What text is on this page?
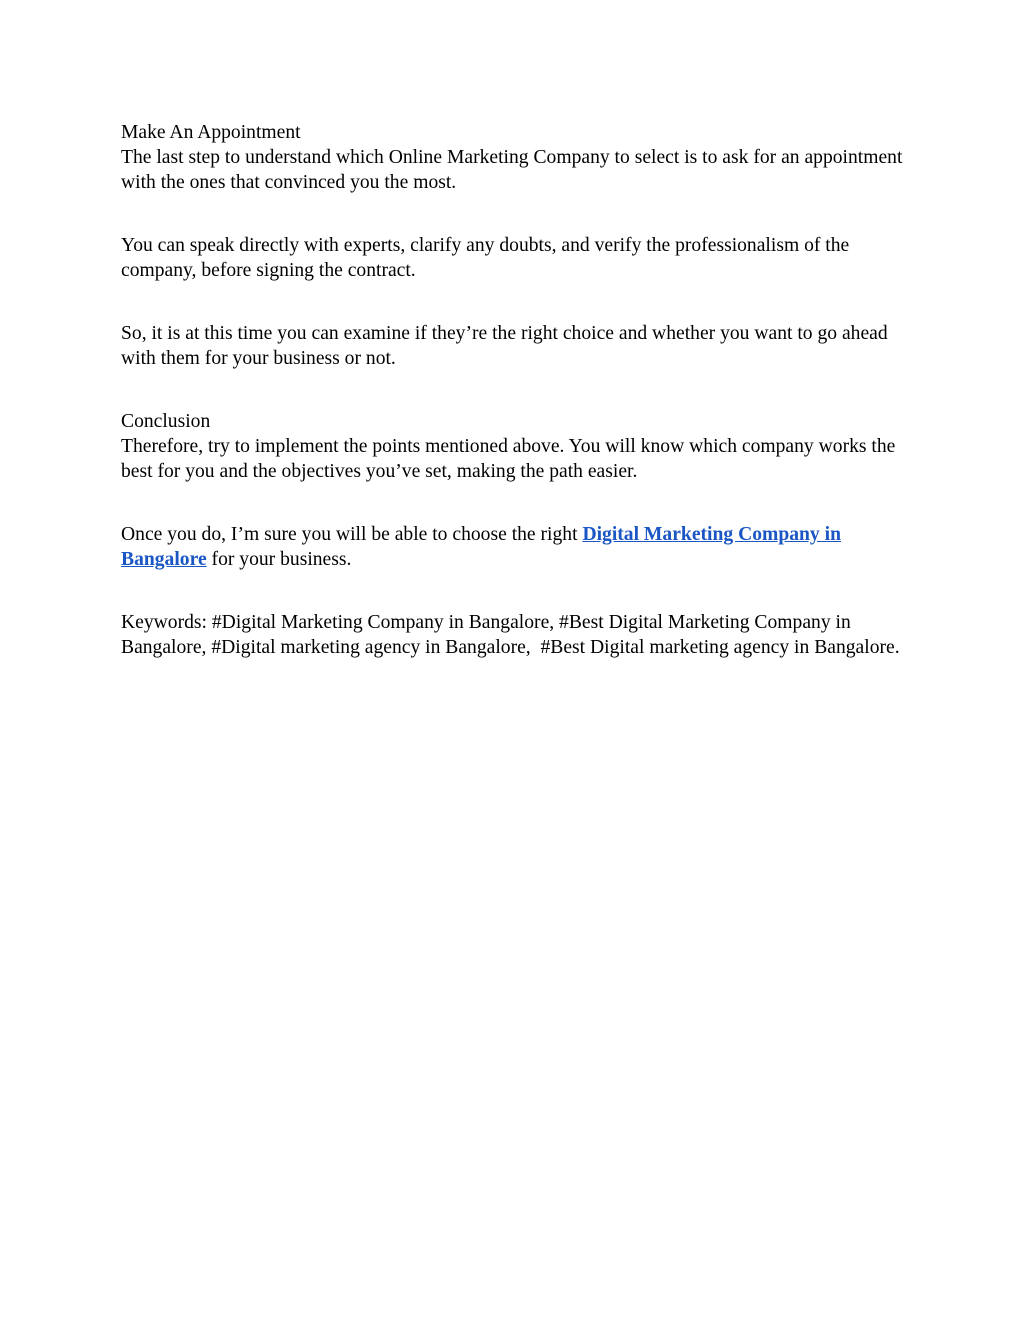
Make An Appointment
The last step to understand which Online Marketing Company to select is to ask for an appointment with the ones that convinced you the most.

You can speak directly with experts, clarify any doubts, and verify the professionalism of the company, before signing the contract.

So, it is at this time you can examine if they’re the right choice and whether you want to go ahead with them for your business or not.

Conclusion
Therefore, try to implement the points mentioned above. You will know which company works the best for you and the objectives you’ve set, making the path easier.

Once you do, I’m sure you will be able to choose the right Digital Marketing Company in Bangalore for your business.

Keywords: #Digital Marketing Company in Bangalore, #Best Digital Marketing Company in Bangalore, #Digital marketing agency in Bangalore,  #Best Digital marketing agency in Bangalore.
